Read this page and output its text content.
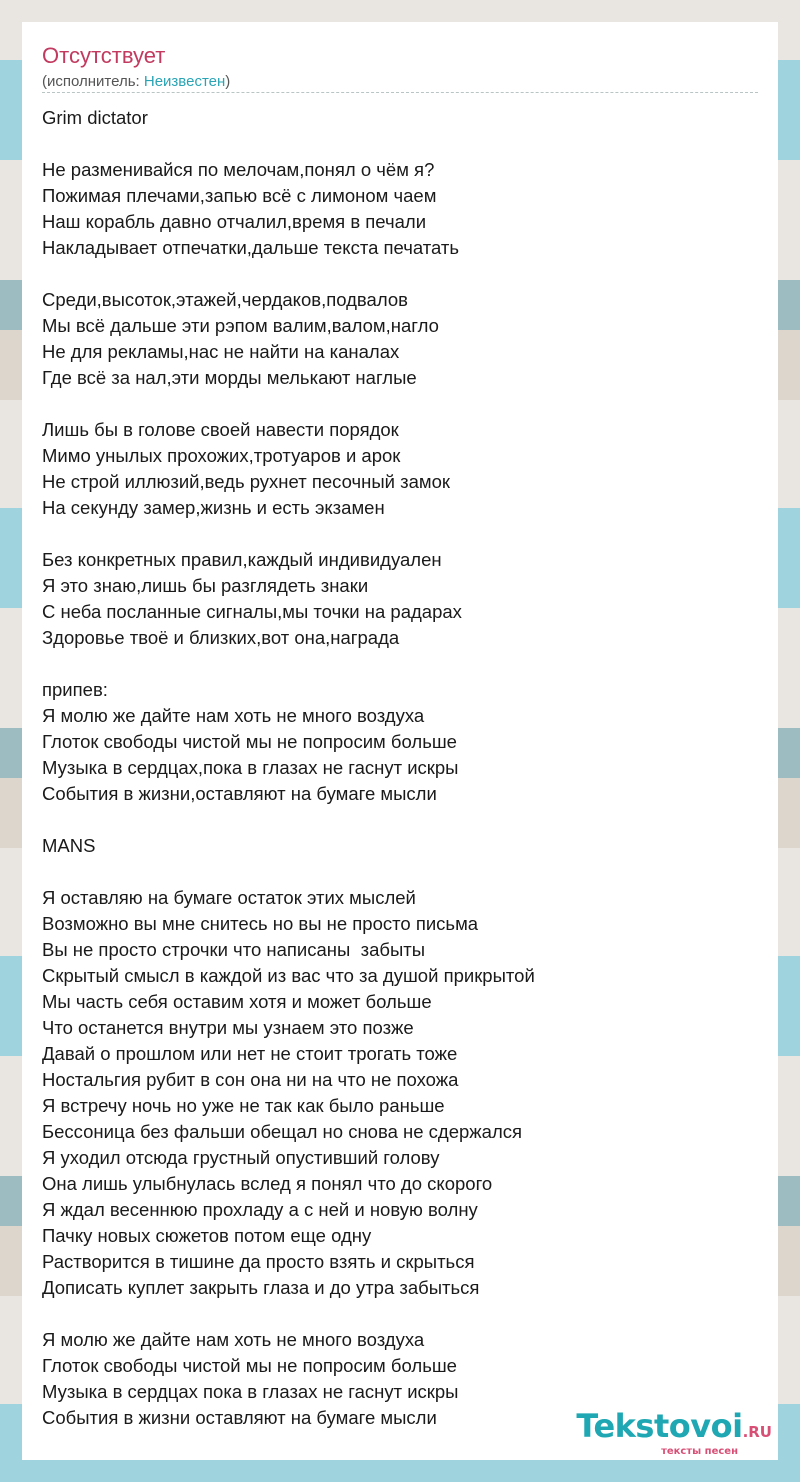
Отсутствует
(исполнитель: Неизвестен)
Grim dictator

Не разменивайся по мелочам,понял о чём я?
Пожимая плечами,запью всё с лимоном чаем
Наш корабль давно отчалил,время в печали
Накладывает отпечатки,дальше текста печатать

Среди,высоток,этажей,чердаков,подвалов
Мы всё дальше эти рэпом валим,валом,нагло
Не для рекламы,нас не найти на каналах
Где всё за нал,эти морды мелькают наглые

Лишь бы в голове своей навести порядок
Мимо унылых прохожих,тротуаров и арок
Не строй иллюзий,ведь рухнет песочный замок
На секунду замер,жизнь и есть экзамен

Без конкретных правил,каждый индивидуален
Я это знаю,лишь бы разглядеть знаки
С неба посланные сигналы,мы точки на радарах
Здоровье твоё и близких,вот она,награда

припев:
Я молю же дайте нам хоть не много воздуха
Глоток свободы чистой мы не попросим больше
Музыка в сердцах,пока в глазах не гаснут искры
События в жизни,оставляют на бумаге мысли

MANS

Я оставляю на бумаге остаток этих мыслей
Возможно вы мне снитесь но вы не просто письма
Вы не просто строчки что написаны  забыты
Скрытый смысл в каждой из вас что за душой прикрытой
Мы часть себя оставим хотя и может больше
Что останется внутри мы узнаем это позже
Давай о прошлом или нет не стоит трогать тоже
Ностальгия рубит в сон она ни на что не похожа
Я встречу ночь но уже не так как было раньше
Бессоница без фальши обещал но снова не сдержался
Я уходил отсюда грустный опустивший голову
Она лишь улыбнулась вслед я понял что до скорого
Я ждал весеннюю прохладу а с ней и новую волну
Пачку новых сюжетов потом еще одну
Растворится в тишине да просто взять и скрыться
Дописать куплет закрыть глаза и до утра забыться

Я молю же дайте нам хоть не много воздуха
Глоток свободы чистой мы не попросим больше
Музыка в сердцах пока в глазах не гаснут искры
События в жизни оставляют на бумаге мысли	Tekstovoi.RU
тексты песен
